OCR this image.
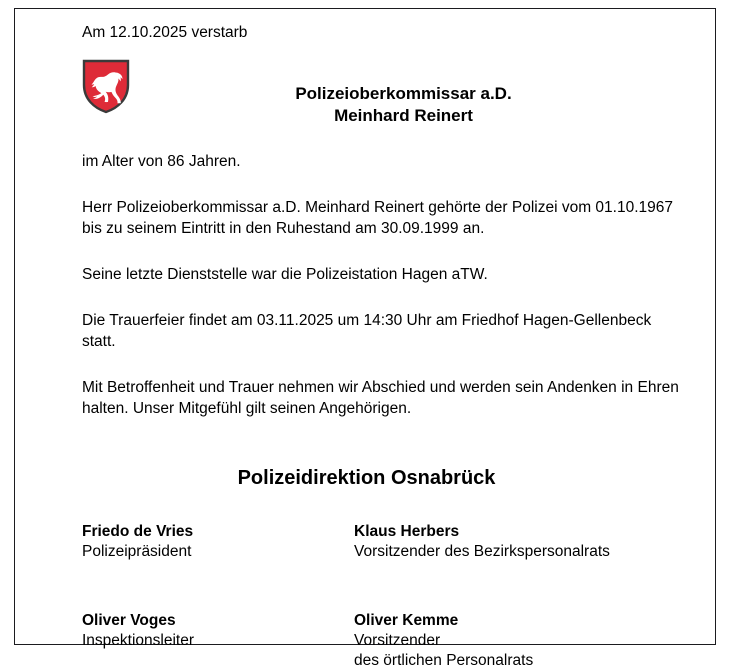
Am 12.10.2025 verstarb

Polizeioberkommissar a.D.
Meinhard Reinert

im Alter von 86 Jahren.

Herr Polizeioberkommissar a.D. Meinhard Reinert gehörte der Polizei vom 01.10.1967 bis zu seinem Eintritt in den Ruhestand am 30.09.1999 an.

Seine letzte Dienststelle war die Polizeistation Hagen aTW.

Die Trauerfeier findet am 03.11.2025 um 14:30 Uhr am Friedhof Hagen-Gellenbeck statt.

Mit Betroffenheit und Trauer nehmen wir Abschied und werden sein Andenken in Ehren halten. Unser Mitgefühl gilt seinen Angehörigen.

Polizeidirektion Osnabrück
Friedo de Vries
Polizeipräsident
Klaus Herbers
Vorsitzender des Bezirkspersonalrats
Oliver Voges
Inspektionsleiter
Oliver Kemme
Vorsitzender
des örtlichen Personalrats
